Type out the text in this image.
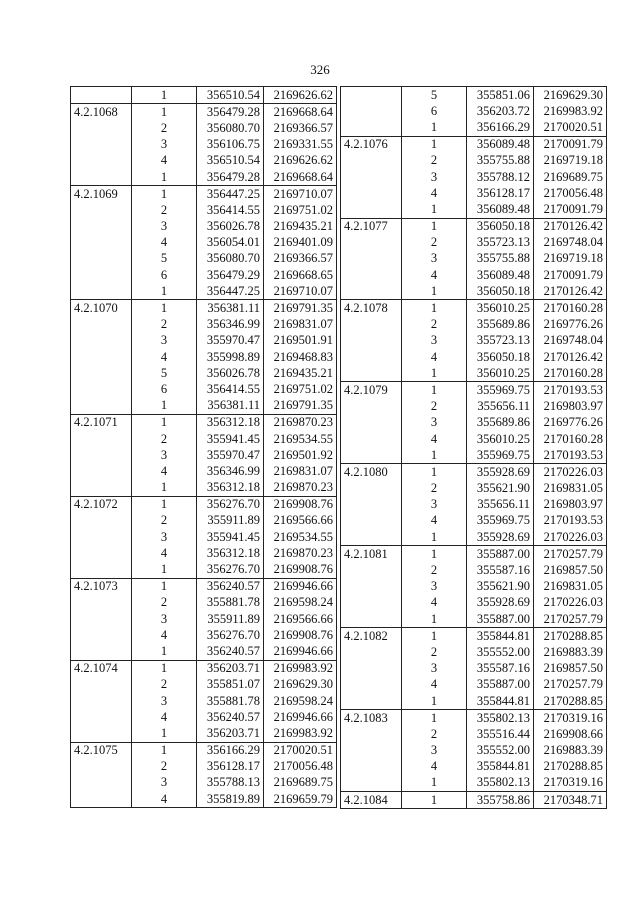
326
	1	356510.54	2169626.62
4.2.1068	1	356479.28	2169668.64
	2	356080.70	2169366.57
	3	356106.75	2169331.55
	4	356510.54	2169626.62
	1	356479.28	2169668.64
4.2.1069	1	356447.25	2169710.07
	2	356414.55	2169751.02
	3	356026.78	2169435.21
	4	356054.01	2169401.09
	5	356080.70	2169366.57
	6	356479.29	2169668.65
	1	356447.25	2169710.07
4.2.1070	1	356381.11	2169791.35
	2	356346.99	2169831.07
	3	355970.47	2169501.91
	4	355998.89	2169468.83
	5	356026.78	2169435.21
	6	356414.55	2169751.02
	1	356381.11	2169791.35
4.2.1071	1	356312.18	2169870.23
	2	355941.45	2169534.55
	3	355970.47	2169501.92
	4	356346.99	2169831.07
	1	356312.18	2169870.23
4.2.1072	1	356276.70	2169908.76
	2	355911.89	2169566.66
	3	355941.45	2169534.55
	4	356312.18	2169870.23
	1	356276.70	2169908.76
4.2.1073	1	356240.57	2169946.66
	2	355881.78	2169598.24
	3	355911.89	2169566.66
	4	356276.70	2169908.76
	1	356240.57	2169946.66
4.2.1074	1	356203.71	2169983.92
	2	355851.07	2169629.30
	3	355881.78	2169598.24
	4	356240.57	2169946.66
	1	356203.71	2169983.92
4.2.1075	1	356166.29	2170020.51
	2	356128.17	2170056.48
	3	355788.13	2169689.75
	4	355819.89	2169659.79
	5	355851.06	2169629.30
	6	356203.72	2169983.92
	1	356166.29	2170020.51
4.2.1076	1	356089.48	2170091.79
	2	355755.88	2169719.18
	3	355788.12	2169689.75
	4	356128.17	2170056.48
	1	356089.48	2170091.79
4.2.1077	1	356050.18	2170126.42
	2	355723.13	2169748.04
	3	355755.88	2169719.18
	4	356089.48	2170091.79
	1	356050.18	2170126.42
4.2.1078	1	356010.25	2170160.28
	2	355689.86	2169776.26
	3	355723.13	2169748.04
	4	356050.18	2170126.42
	1	356010.25	2170160.28
4.2.1079	1	355969.75	2170193.53
	2	355656.11	2169803.97
	3	355689.86	2169776.26
	4	356010.25	2170160.28
	1	355969.75	2170193.53
4.2.1080	1	355928.69	2170226.03
	2	355621.90	2169831.05
	3	355656.11	2169803.97
	4	355969.75	2170193.53
	1	355928.69	2170226.03
4.2.1081	1	355887.00	2170257.79
	2	355587.16	2169857.50
	3	355621.90	2169831.05
	4	355928.69	2170226.03
	1	355887.00	2170257.79
4.2.1082	1	355844.81	2170288.85
	2	355552.00	2169883.39
	3	355587.16	2169857.50
	4	355887.00	2170257.79
	1	355844.81	2170288.85
4.2.1083	1	355802.13	2170319.16
	2	355516.44	2169908.66
	3	355552.00	2169883.39
	4	355844.81	2170288.85
	1	355802.13	2170319.16
4.2.1084	1	355758.86	2170348.71
